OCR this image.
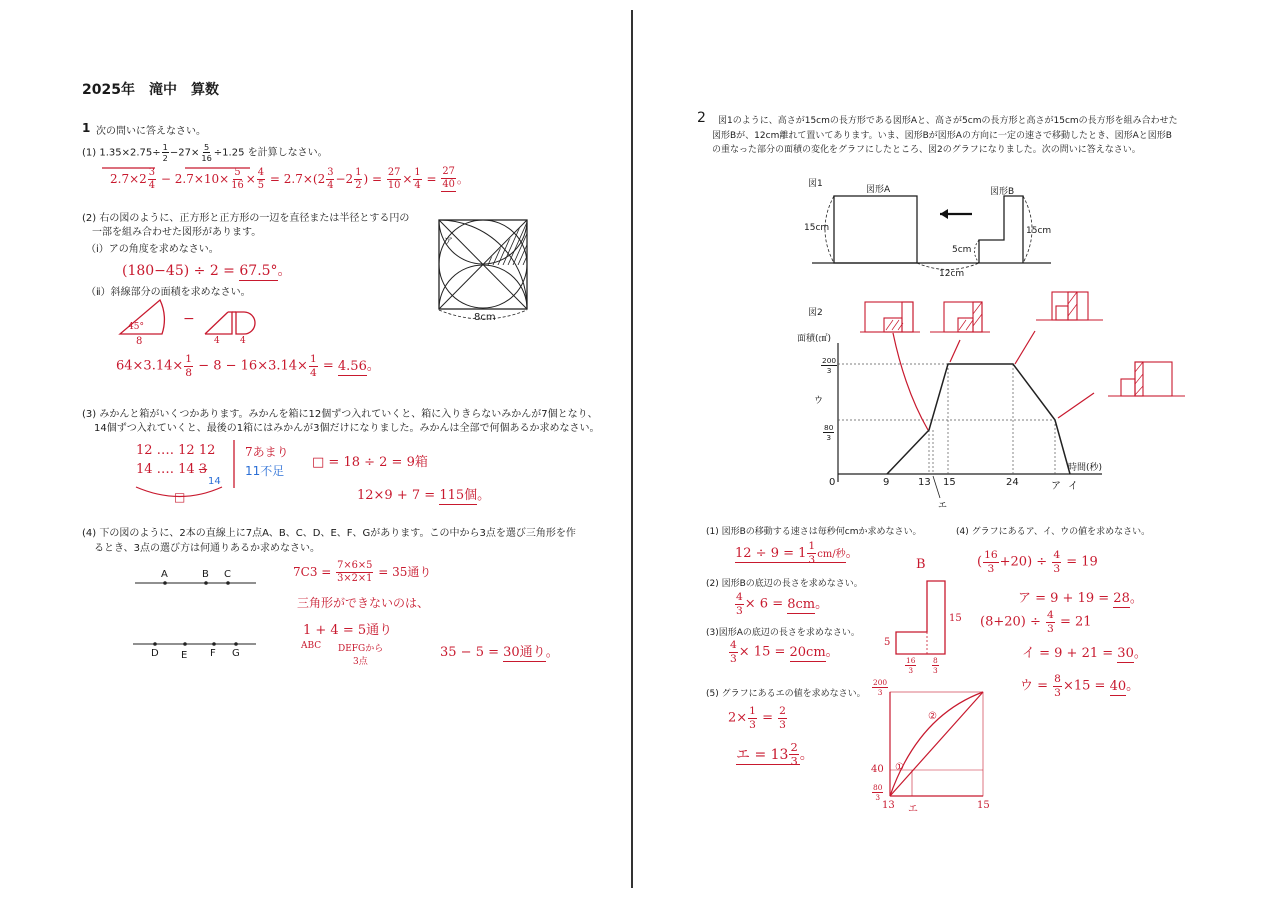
2025年　滝中　算数
1 次の問いに答えなさい。
(1) $1.35\times 2.75\div \frac{1}{2} -27\times \frac{5}{16} \div 1.25$ を計算しなさい。
$2.7\times 2 \frac{3}{4} - 2.7\times 10\times \frac{5}{16} \times \frac{4}{5} = 2.7\times(2 \frac{3}{4} -2 \frac{1}{2}$ ) = $\frac{27}{10} \times \frac{1}{4} = \frac{27}{40}$ 。
(2) 右の図のように、正方形と正方形の一辺を直径または半径とする円の
一部を組み合わせた図形があります。
（ⅰ）アの角度を求めなさい。
(180−45) ÷ 2 = 67.5°。
（ⅱ）斜線部分の面積を求めなさい。
45°
8
−
4 4
$64\times 3.14\times \frac{1}{8} - 8 - 16\times 3.14\times \frac{1}{4} = 4.56$。
ア
8cm
(3) みかんと箱がいくつかあります。みかんを箱に12個ずつ入れていくと、箱に入りきらないみかんが7個となり、
14個ずつ入れていくと、最後の1箱にはみかんが3個だけになりました。みかんは全部で何個あるか求めなさい。
12 ‥‥ 12 12
14 ‥‥ 14 3
14
7あまり
11不足
□
□ = 18 ÷ 2 = 9箱
12×9 + 7 = 115個。
(4) 下の図のように、2本の直線上に7点A、B、C、D、E、F、Gがあります。この中から3点を選び三角形を作
るとき、3点の選び方は何通りあるか求めなさい。
A	B C
D E F G
$7C3 = \frac{7\times 6\times 5}{3\times 2\times 1} = 35$通り
三角形ができないのは、
1 + 4 = 5通り
ABC DEFGから
3点
35 − 5 = 30通り。
2 図1のように、高さが15cmの長方形である図形Aと、高さが5cmの長方形と高さが15cmの長方形を組み合わせた
図形Bが、12cm離れて置いてあります。いま、図形Bが図形Aの方向に一定の速さで移動したとき、図形Aと図形B
の重なった部分の面積の変化をグラフにしたところ、図2のグラフになりました。次の問いに答えなさい。
図1
図形A	図形B
15cm	15cm
5cm
12cm
図2
面積(㎠)
$\frac{200}{3}$
ウ
$\frac{80}{3}$
時間(秒)
0	9	13 15	24	ア イ
エ
(1) 図形Bの移動する速さは毎秒何cmか求めなさい。
$12 \div 9 = 1 \frac{1}{3} cm/$秒。
(2) 図形Bの底辺の長さを求めなさい。
$\frac{4}{3} \times 6 = 8cm$。
(3)図形Aの底辺の長さを求めなさい。
$\frac{4}{3} \times 15 = 20cm$。
(5) グラフにあるエの値を求めなさい。
$2\times \frac{1}{3} = \frac{2}{3}$
エ = $13 \frac{2}{3}$ 。
$\frac{200}{3}$
40
$\frac{80}{3}$
13 エ	15
①
②
B
15
5
$\frac{16}{3} \frac{8}{3}$
(4) グラフにあるア、イ、ウの値を求めなさい。
( $\frac{16}{3} +20) \div \frac{4}{3} = 19$
ア = 9 + 19 = 28。
$(8+20) \div \frac{4}{3} = 21$
イ = 9 + 21 = 30。
ウ = $\frac{8}{3} \times 15 = 40$。
